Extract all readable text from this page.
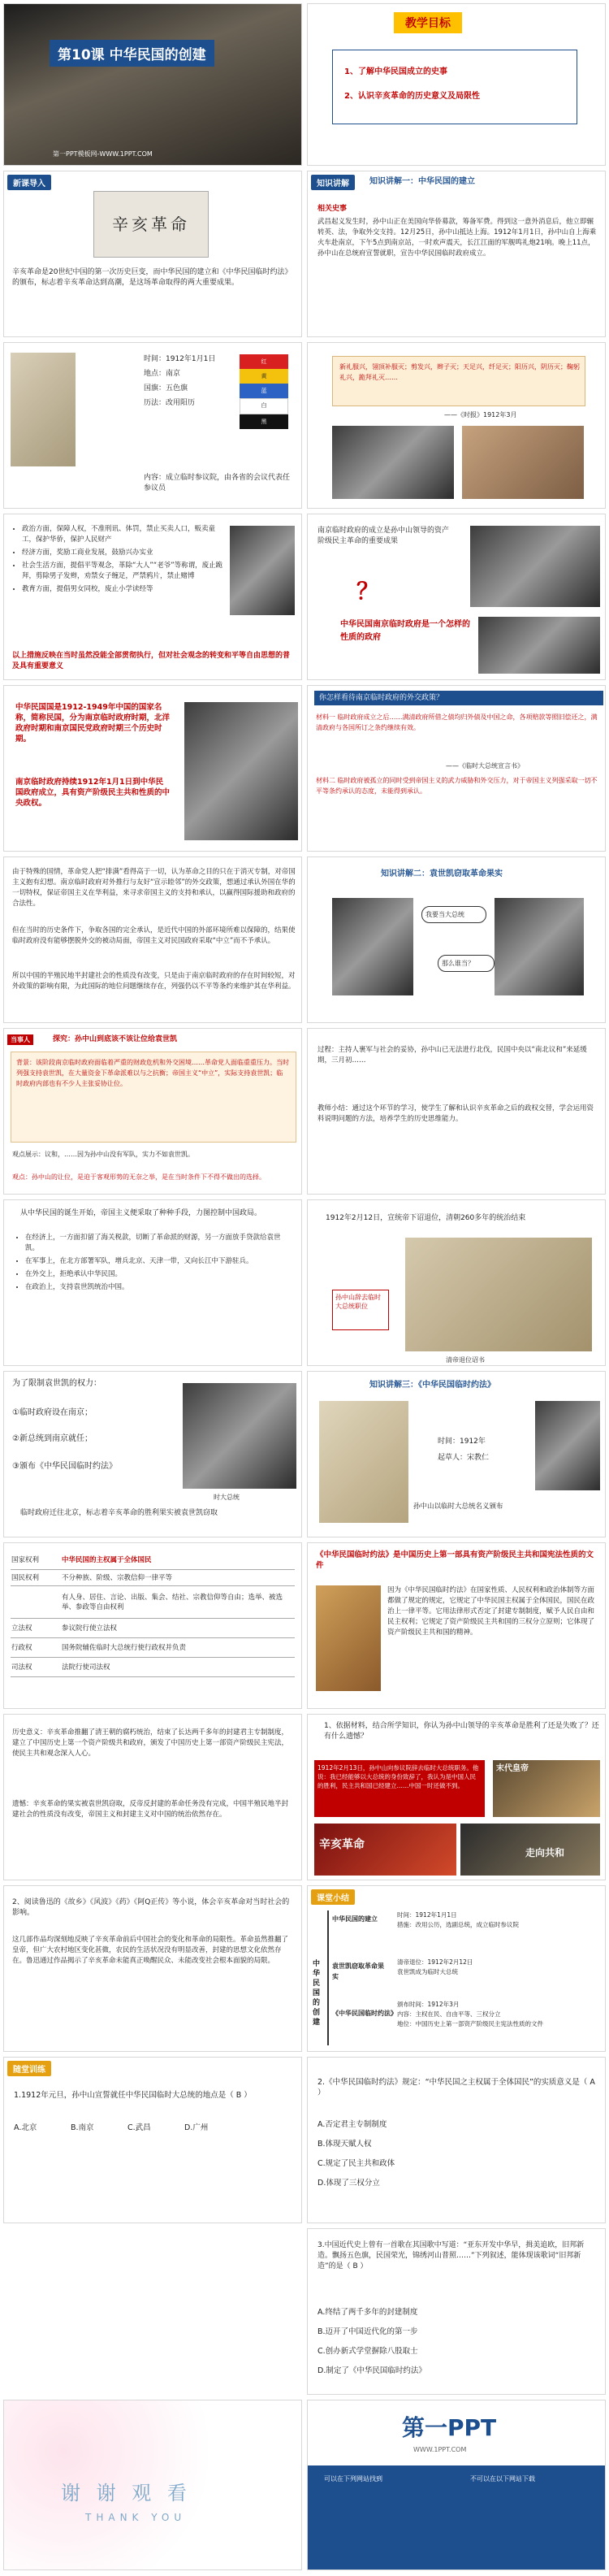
第10课 中华民国的创建
第一PPT模板网-WWW.1PPT.COM
教学目标
1、了解中华民国成立的史事
2、认识辛亥革命的历史意义及局限性
新课导入
辛亥革命
辛亥革命是20世纪中国的第一次历史巨变，而中华民国的建立和《中华民国临时约法》的颁布，标志着辛亥革命达到高潮，是这场革命取得的两大重要成果。
知识讲解	知识讲解一：中华民国的建立
相关史事
武昌起义发生时，孙中山正在美国向华侨募款，筹备军费。得到这一意外消息后，他立即辗转英、法，争取外交支持。12月25日，孙中山抵达上海。1912年1月1日，孙中山自上海乘火车赴南京，下午5点到南京站，一时欢声震天，长江江面的军舰鸣礼炮21响。晚上11点，孙中山在总统府宣誓就职，宣告中华民国临时政府成立。
时间：1912年1月1日
地点：南京
国旗：五色旗
历法：改用阳历
红
黄
蓝
白
黑
内容：成立临时参议院，由各省的会议代表任参议员
新礼服兴，翎顶补服灭；剪发兴，辫子灭；天足兴，纤足灭；阳历兴，阴历灭；鞠躬礼兴，跪拜礼灭……
——《时报》1912年3月
• 政治方面，保障人权，不准刑讯、体罚，禁止买卖人口，贩卖童工，保护华侨，保护人民财产
• 经济方面，奖励工商业发展，鼓励兴办实业
• 社会生活方面，提倡平等观念，革除“大人”“老爷”等称谓，废止跪拜，剪除男子发辫，劝禁女子缠足，严禁鸦片，禁止赌博
• 教育方面，提倡男女同校，废止小学读经等
以上措施反映在当时虽然没能全部贯彻执行，但对社会观念的转变和平等自由思想的普及具有重要意义
南京临时政府的成立是孙中山领导的资产阶级民主革命的重要成果
？
中华民国南京临时政府是一个怎样的性质的政府
中华民国国是1912-1949年中国的国家名称，简称民国，分为南京临时政府时期，北洋政府时期和南京国民党政府时期三个历史时期。
南京临时政府持续1912年1月1日到中华民国政府成立，具有资产阶级民主共和性质的中央政权。
你怎样看待南京临时政府的外交政策？
材料一 临时政府成立之后……满清政府所借之债均归外债及中国之命，各项赔款等照旧偿还之，满清政府与各国所订之条约继续有效。
——《临时大总统宣言书》
材料二 临时政府被孤立的同时受到帝国主义的武力威胁和外交压力，对于帝国主义列强采取一切不平等条约承认的态度，未能得到承认。
由于特殊的国情，革命党人把“排满”看得高于一切，认为革命之目的只在于消灭专制，对帝国主义抱有幻想。南京临时政府对外推行与友好“宣示睦邻”的外交政策，想通过承认外国在华的一切特权，保证帝国主义在华利益，来寻求帝国主义的支持和承认，以赢得国际援助和政府的合法性。
但在当时的历史条件下，争取各国的完全承认，是近代中国的外部环境所难以保障的，结果使临时政府没有能够摆脱外交的被动局面，帝国主义对民国政府采取“中立”而不予承认。
所以中国的半殖民地半封建社会的性质没有改变，只是由于南京临时政府的存在时间较短，对外政策的影响有限，为此国际的地位问题继续存在，列强仍以不平等条约来维护其在华利益。
知识讲解二：袁世凯窃取革命果实
我要当大总统
那么谁当？
当事人	探究：孙中山到底该不该让位给袁世凯
背景：该阶段南京临时政府面临着严重的财政危机和外交困境……革命党人面临重重压力。当时列强支持袁世凯，在大量资金下革命派难以与之抗衡；帝国主义“中立”，实际支持袁世凯；临时政府内部也有不少人主张妥协让位。
观点展示：议和，……因为孙中山没有军队，实力不如袁世凯。
观点：孙中山的让位，是迫于客观形势的无奈之举，是在当时条件下不得不做出的选择。
过程：主持人裹军与社会的妥协，孙中山已无法进行北伐，民国中央以“南北议和”来延缓期，三月初……
教师小结：通过这个环节的学习，使学生了解和认识辛亥革命之后的政权交替，学会运用资料说明问题的方法，培养学生的历史思维能力。
从中华民国的诞生开始，帝国主义便采取了种种手段，力图控制中国政局。
• 在经济上，一方面扣留了海关税款，切断了革命派的财源，另一方面放手贷款给袁世凯。
• 在军事上，在北方部署军队，增兵北京、天津一带，又向长江中下游驻兵。
• 在外交上，拒绝承认中华民国。
• 在政治上，支持袁世凯统治中国。
1912年2月12日，宣统帝下诏退位，清朝260多年的统治结束
孙中山辞去临时大总统职位
清帝退位诏书
为了限制袁世凯的权力：
①临时政府设在南京；
②新总统到南京就任；
③颁布《中华民国临时约法》
时大总统
临时政府迁往北京，标志着辛亥革命的胜利果实被袁世凯窃取
知识讲解三：《中华民国临时约法》
时间：1912年
起草人：宋教仁
孙中山以临时大总统名义颁布
国家权利	中华民国的主权属于全体国民
国民权利	不分种族、阶级、宗教信仰一律平等
	有人身、居住、言论、出版、集会、结社、宗教信仰等自由；选举、被选举、参政等自由权利
立法权	参议院行使立法权
行政权	国务院辅佐临时大总统行使行政权并负责
司法权	法院行使司法权
《中华民国临时约法》是中国历史上第一部具有资产阶级民主共和国宪法性质的文件
因为《中华民国临时约法》在国家性质、人民权利和政治体制等方面都做了规定的规定，它规定了中华民国主权属于全体国民，国民在政治上一律平等。它用法律形式否定了封建专制制度，赋予人民自由和民主权利；它规定了资产阶级民主共和国的三权分立原则；它体现了资产阶级民主共和国的精神。
历史意义：辛亥革命推翻了清王朝的腐朽统治，结束了长达两千多年的封建君主专制制度，建立了中国历史上第一个资产阶级共和政府，颁发了中国历史上第一部资产阶级民主宪法，使民主共和观念深入人心。
遗憾：辛亥革命的果实被袁世凯窃取，反帝反封建的革命任务没有完成，中国半殖民地半封建社会的性质没有改变，帝国主义和封建主义对中国的统治依然存在。
1、依据材料，结合所学知识，你认为孙中山领导的辛亥革命是胜利了还是失败了？还有什么遗憾？
1912年2月13日，孙中山向参议院辞去临时大总统职务。他说：我已经能够以大总统的身份致辞了，我认为是中国人民的胜利，民主共和国已经建立……中国一时还做不到。
末代皇帝
辛亥革命
走向共和
2、阅读鲁迅的《故乡》《风波》《药》《阿Q正传》等小说，体会辛亥革命对当时社会的影响。
这几部作品均深刻地反映了辛亥革命前后中国社会的变化和革命的局限性。革命虽然推翻了皇帝，但广大农村地区变化甚微，农民的生活状况没有明显改善，封建的思想文化依然存在。鲁迅通过作品揭示了辛亥革命未能真正唤醒民众、未能改变社会根本面貌的局限。
课堂小结
中华民国的创建
中华民国的建立
时间：1912年1月1日
措施：改用公历，选副总统，成立临时参议院
袁世凯窃取革命果实
清帝退位：1912年2月12日
袁世凯成为临时大总统
《中华民国临时约法》
颁布时间：1912年3月
内容：主权在民、自由平等、三权分立
地位：中国历史上第一部资产阶级民主宪法性质的文件
随堂训练
1.1912年元旦，孙中山宣誓就任中华民国临时大总统的地点是（ B ）
A.北京	B.南京	C.武昌	D.广州
2.《中华民国临时约法》规定：“中华民国之主权属于全体国民”的实质意义是（ A ）
A.否定君主专制制度
B.体现天赋人权
C.规定了民主共和政体
D.体现了三权分立
3.中国近代史上曾有一首歌在其国歌中写道：“亚东开发中华早，揖美追欧，旧邦新造。飘扬五色旗，民国荣光，锦绣河山普照……”下列叙述，能体现该歌词“旧邦新造”的是（ B ）
A.终结了两千多年的封建制度
B.迈开了中国近代化的第一步
C.创办新式学堂摒除八股取士
D.制定了《中华民国临时约法》
谢 谢 观 看
THANK YOU
第一PPT
WWW.1PPT.COM
可以在下列网站找到	不可以在以下网站下载
